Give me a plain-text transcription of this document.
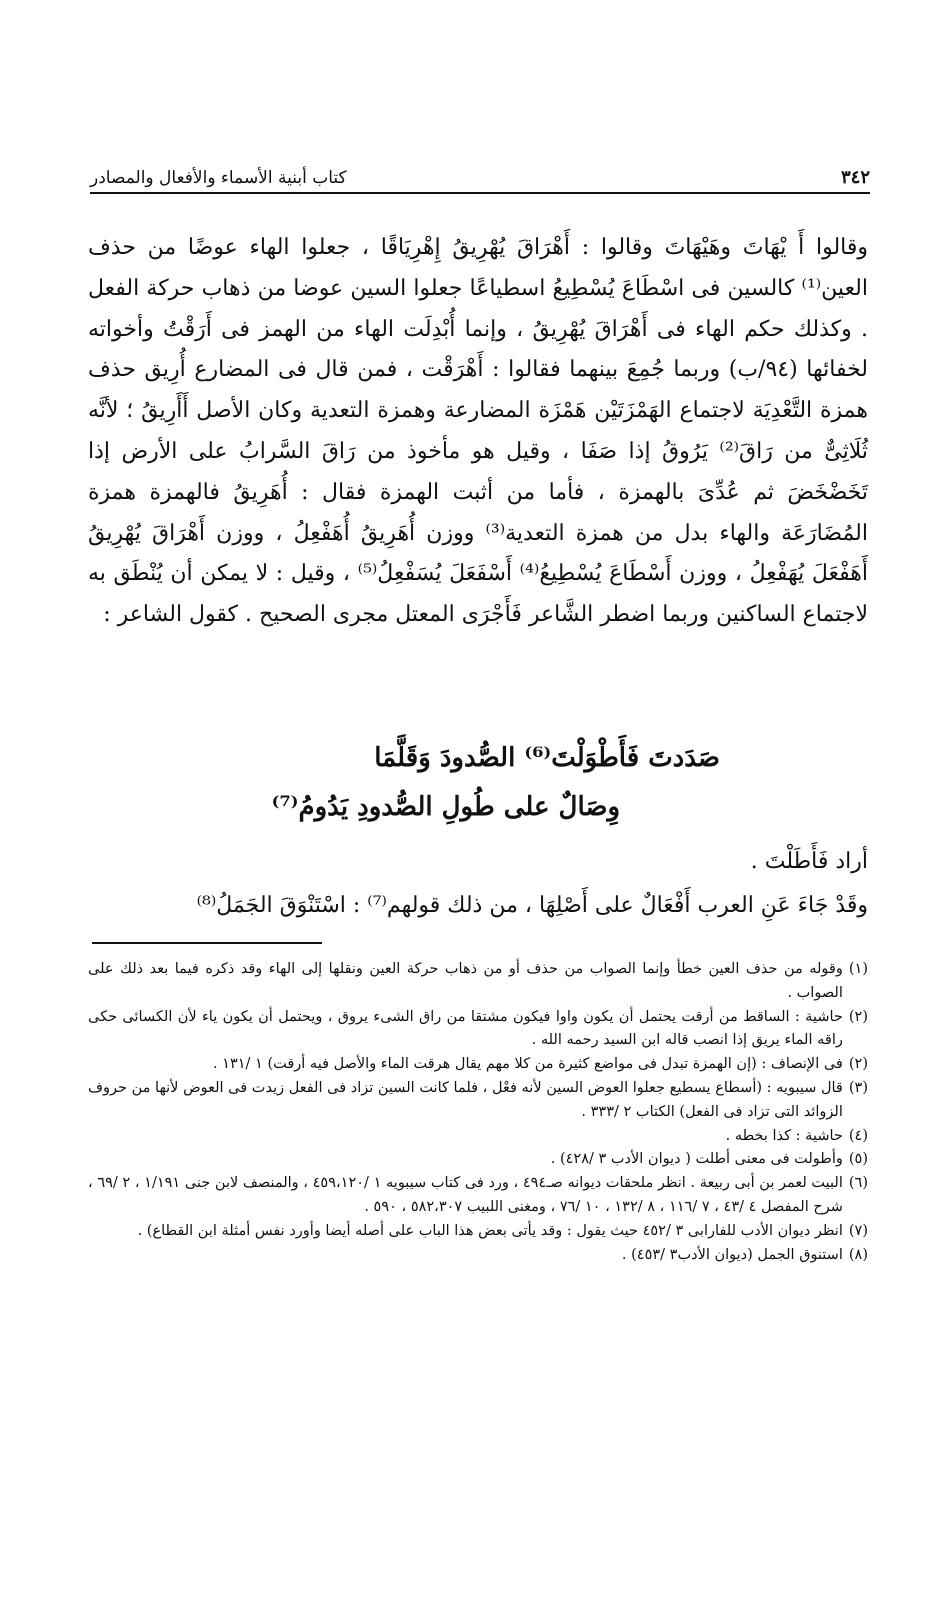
٣٤٢
كتاب أبنية الأسماء والأفعال والمصادر

وقالوا أَ يْهَاتَ وهَيْهَاتَ وقالوا : أَهْرَاقَ يُهْرِيقُ إِهْرِيَاقًا ، جعلوا الهاء عوضًا من حذف العين⁽¹⁾ كالسين فى اسْطَاعَ يُسْطِيعُ اسطياعًا جعلوا السين عوضا من ذهاب حركة الفعل . وكذلك حكم الهاء فى أَهْرَاقَ يُهْرِيقُ ، وإنما أُبْدِلَت الهاء من الهمز فى أَرَقْتُ وأخواته لخفائها (٩٤/ب) وربما جُمِعَ بينهما فقالوا : أَهْرَقْت ، فمن قال فى المضارع أُرِيق حذف همزة التَّعْدِيَة لاجتماع الهَمْزَتَيْن هَمْزَة المضارعة وهمزة التعدية وكان الأصل أَأَرِيقُ ؛ لأنَّه ثُلَاثِىٌّ من رَاقَ⁽²⁾ يَرُوقُ إذا صَفَا ، وقيل هو مأخوذ من رَاقَ السَّرابُ على الأرض إذا تَخَضْخَضَ ثم عُدِّىَ بالهمزة ، فأما من أثبت الهمزة فقال : أُهَرِيقُ فالهمزة همزة المُضَارَعَة والهاء بدل من همزة التعدية⁽³⁾ ووزن أُهَرِيقُ أُهَفْعِلُ ، ووزن أَهْرَاقَ يُهْرِيقُ أَهَفْعَلَ يُهَفْعِلُ ، ووزن أَسْطَاعَ يُسْطِيعُ⁽⁴⁾ أَسْفَعَلَ يُسَفْعِلُ⁽⁵⁾ ، وقيل : لا يمكن أن يُنْطَق به لاجتماع الساكنين وربما اضطر الشَّاعر فَأَجْرَى المعتل مجرى الصحيح . كقول الشاعر :

صَدَدتَ فَأَطْوَلْتَ⁽⁶⁾ الصُّدودَ وَقَلَّمَا
وِصَالٌ على طُولِ الصُّدودِ يَدُومُ⁽⁷⁾

أراد فَأَطَلْتَ .

وقَدْ جَاءَ عَنِ العرب أَفْعَالٌ على أَصْلِهَا ، من ذلك قولهم⁽⁷⁾ : اسْتَنْوَقَ الجَمَلُ⁽⁸⁾

(١)
وقوله من حذف العين خطأ وإنما الصواب من حذف أو من ذهاب حركة العين ونقلها إلى الهاء وقد ذكره فيما بعد ذلك على الصواب .
(٢)
حاشية : الساقط من أرقت يحتمل أن يكون واوا فيكون مشتقا من راق الشىء يروق ، ويحتمل أن يكون ياء لأن الكسائى حكى راقه الماء يريق إذا انصب قاله ابن السيد رحمه الله .
(٢)
فى الإنصاف : (إن الهمزة تبدل فى مواضع كثيرة من كلا مهم يقال هرقت الماء والأصل فيه أرقت) ١ /١٣١ .
(٣)
قال سيبويه : (أسطاع يسطيع جعلوا العوض السين لأنه فعْل ، فلما كانت السين تزاد فى الفعل زيدت فى العوض لأنها من حروف الزوائد التى تزاد فى الفعل) الكتاب ٢ /٣٣٣ .
(٤)
حاشية : كذا بخطه .
(٥)
وأطولت فى معنى أطلت ( ديوان الأدب ٣ /٤٢٨) .
(٦)
البيت لعمر بن أبى ربيعة . انظر ملحقات ديوانه صـ٤٩٤ ، ورد فى كتاب سيبويه ١ /٤٥٩،١٢٠ ، والمنصف لابن جنى ١/١٩١ ، ٢ /٦٩ ، شرح المفصل ٤ /٤٣ ، ٧ /١١٦ ، ٨ /١٣٢ ، ١٠ /٧٦ ، ومغنى اللبيب ٥٨٢،٣٠٧ ، ٥٩٠ .
(٧)
انظر ديوان الأدب للفارابى ٣ /٤٥٢ حيث يقول : وقد يأتى بعض هذا الباب على أصله أيضا وأورد نفس أمثلة ابن القطاع) .
(٨)
استنوق الجمل (ديوان الأدب٣ /٤٥٣) .
